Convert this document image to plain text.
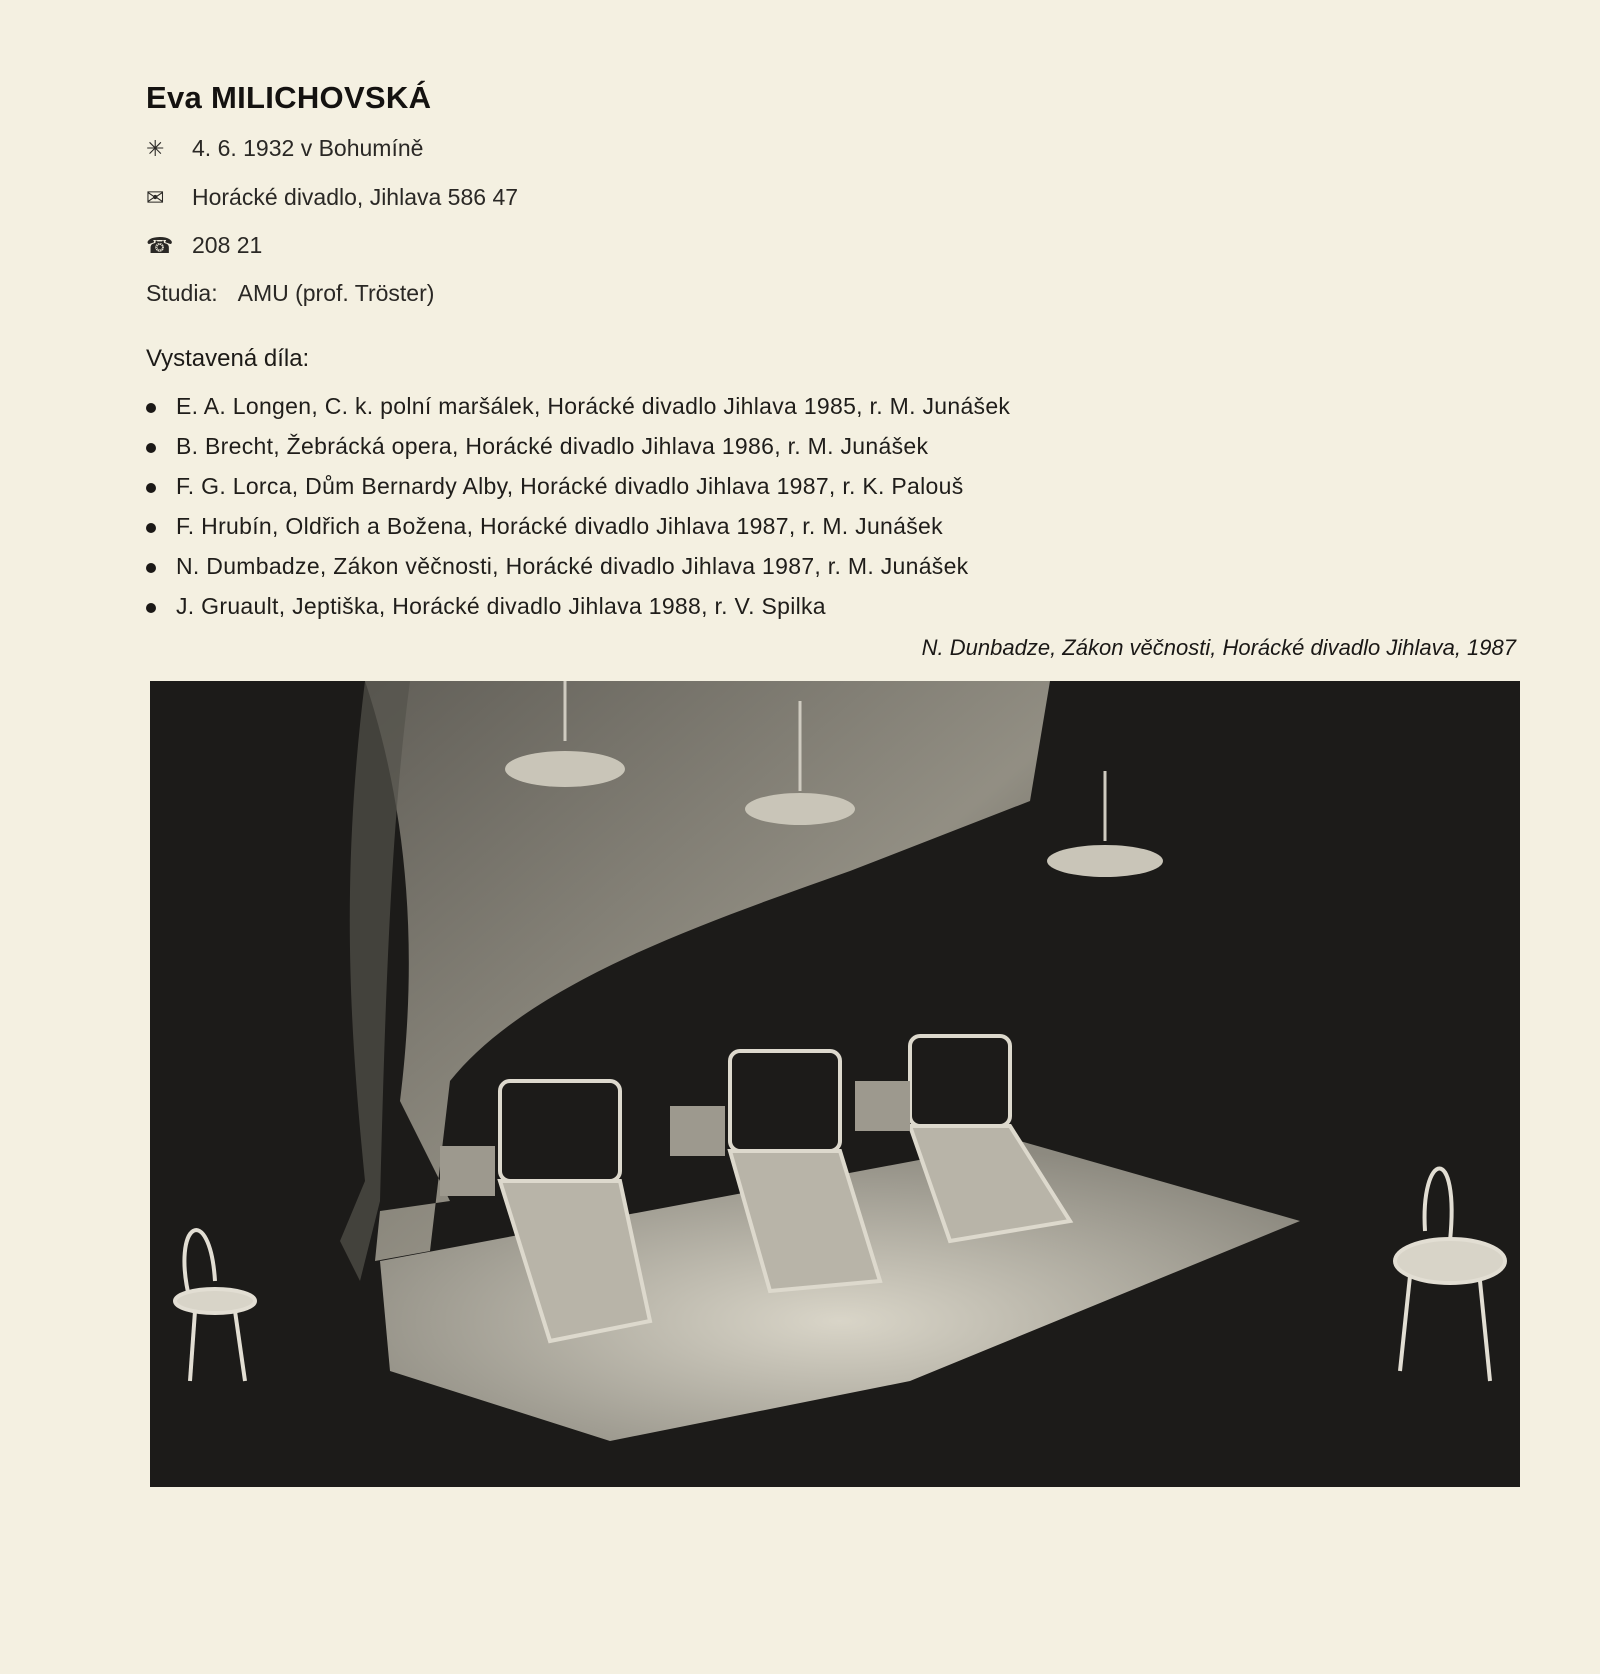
Eva MILICHOVSKÁ
✳	4. 6. 1932 v Bohumíně
✉	Horácké divadlo, Jihlava 586 47
☎ 208 21
Studia: AMU (prof. Tröster)
Vystavená díla:
E. A. Longen, C. k. polní maršálek, Horácké divadlo Jihlava 1985, r. M. Junášek
B. Brecht, Žebrácká opera, Horácké divadlo Jihlava 1986, r. M. Junášek
F. G. Lorca, Dům Bernardy Alby, Horácké divadlo Jihlava 1987, r. K. Palouš
F. Hrubín, Oldřich a Božena, Horácké divadlo Jihlava 1987, r. M. Junášek
N. Dumbadze, Zákon věčnosti, Horácké divadlo Jihlava 1987, r. M. Junášek
J. Gruault, Jeptiška, Horácké divadlo Jihlava 1988, r. V. Spilka
N. Dunbadze, Zákon věčnosti, Horácké divadlo Jihlava, 1987
